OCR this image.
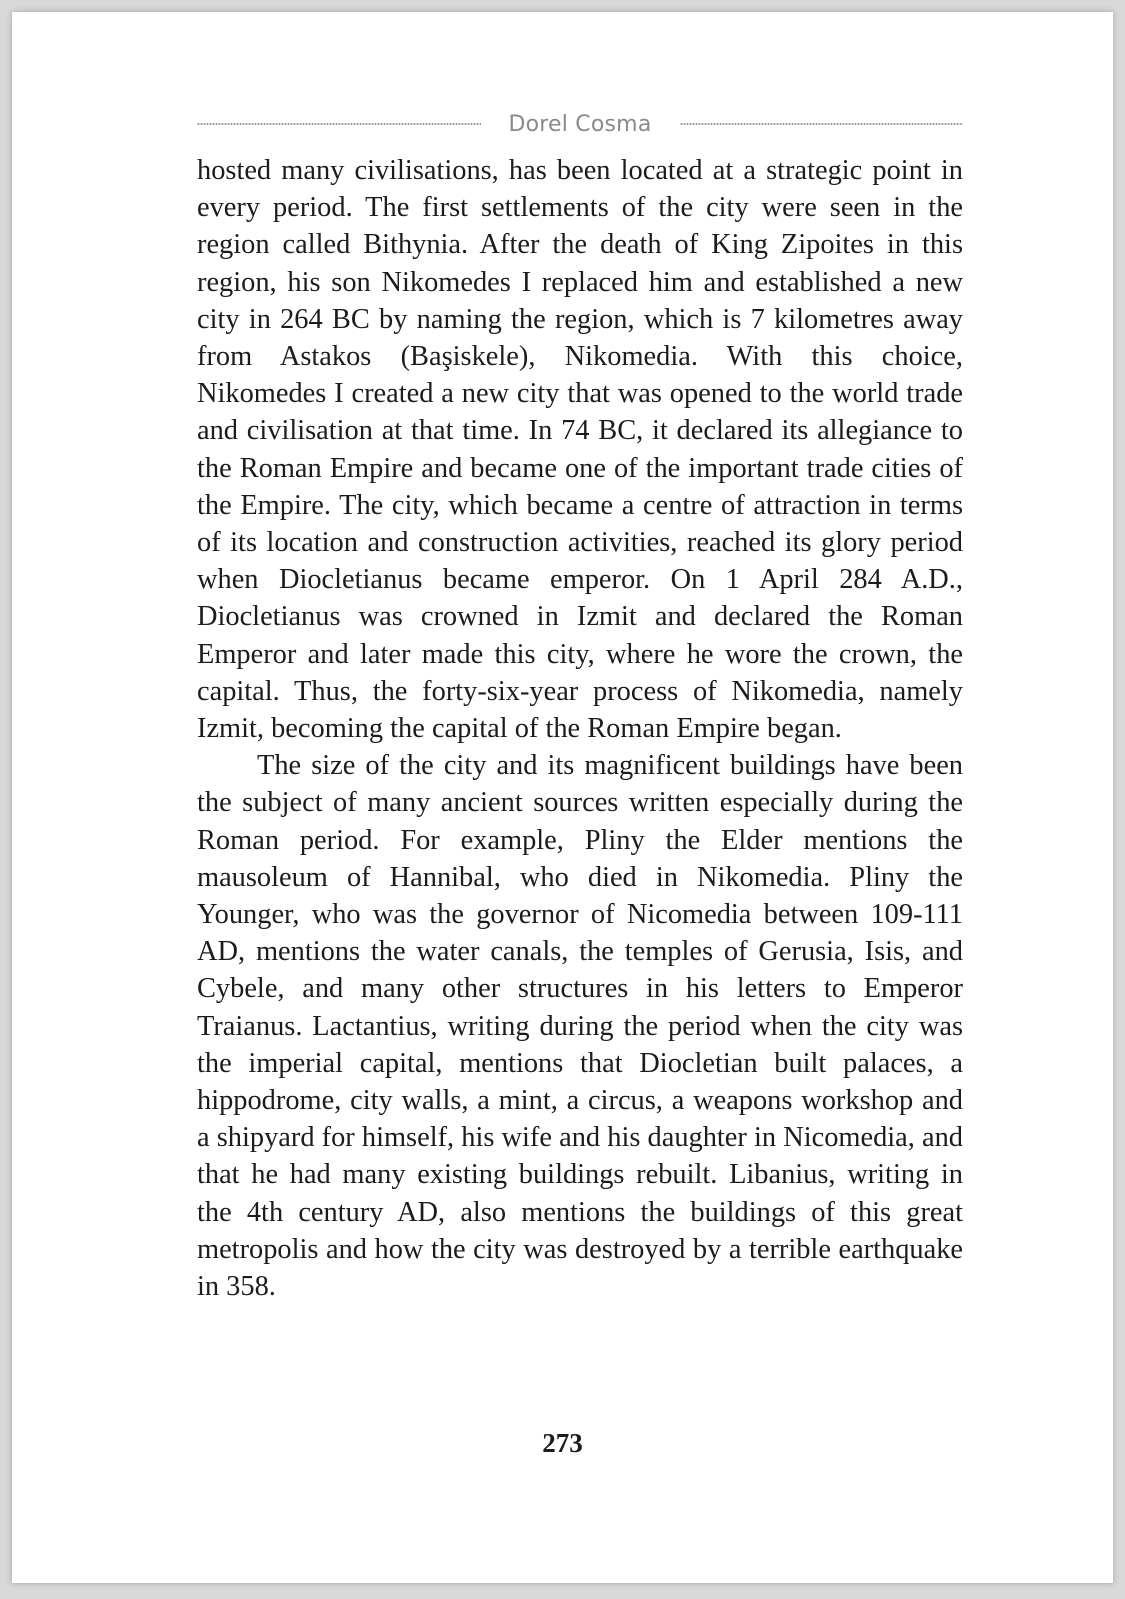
Dorel Cosma

hosted many civilisations, has been located at a strategic point in every period. The first settlements of the city were seen in the region called Bithynia. After the death of King Zipoites in this region, his son Nikomedes I replaced him and established a new city in 264 BC by naming the region, which is 7 kilometres away from Astakos (Başiskele), Nikomedia. With this choice, Nikomedes I created a new city that was opened to the world trade and civilisation at that time. In 74 BC, it declared its allegiance to the Roman Empire and became one of the important trade cities of the Empire. The city, which became a centre of attraction in terms of its location and construction activities, reached its glory period when Diocletianus became emperor. On 1 April 284 A.D., Diocletianus was crowned in Izmit and declared the Roman Emperor and later made this city, where he wore the crown, the capital. Thus, the forty-six-year process of Nikomedia, namely Izmit, becoming the capital of the Roman Empire began.

The size of the city and its magnificent buildings have been the subject of many ancient sources written especially during the Roman period. For example, Pliny the Elder mentions the mausoleum of Hannibal, who died in Nikomedia. Pliny the Younger, who was the governor of Nicomedia between 109-111 AD, mentions the water canals, the temples of Gerusia, Isis, and Cybele, and many other structures in his letters to Emperor Traianus. Lactantius, writing during the period when the city was the imperial capital, mentions that Diocletian built palaces, a hippodrome, city walls, a mint, a circus, a weapons workshop and a shipyard for himself, his wife and his daughter in Nicomedia, and that he had many existing buildings rebuilt. Libanius, writing in the 4th century AD, also mentions the buildings of this great metropolis and how the city was destroyed by a terrible earthquake in 358.

273
